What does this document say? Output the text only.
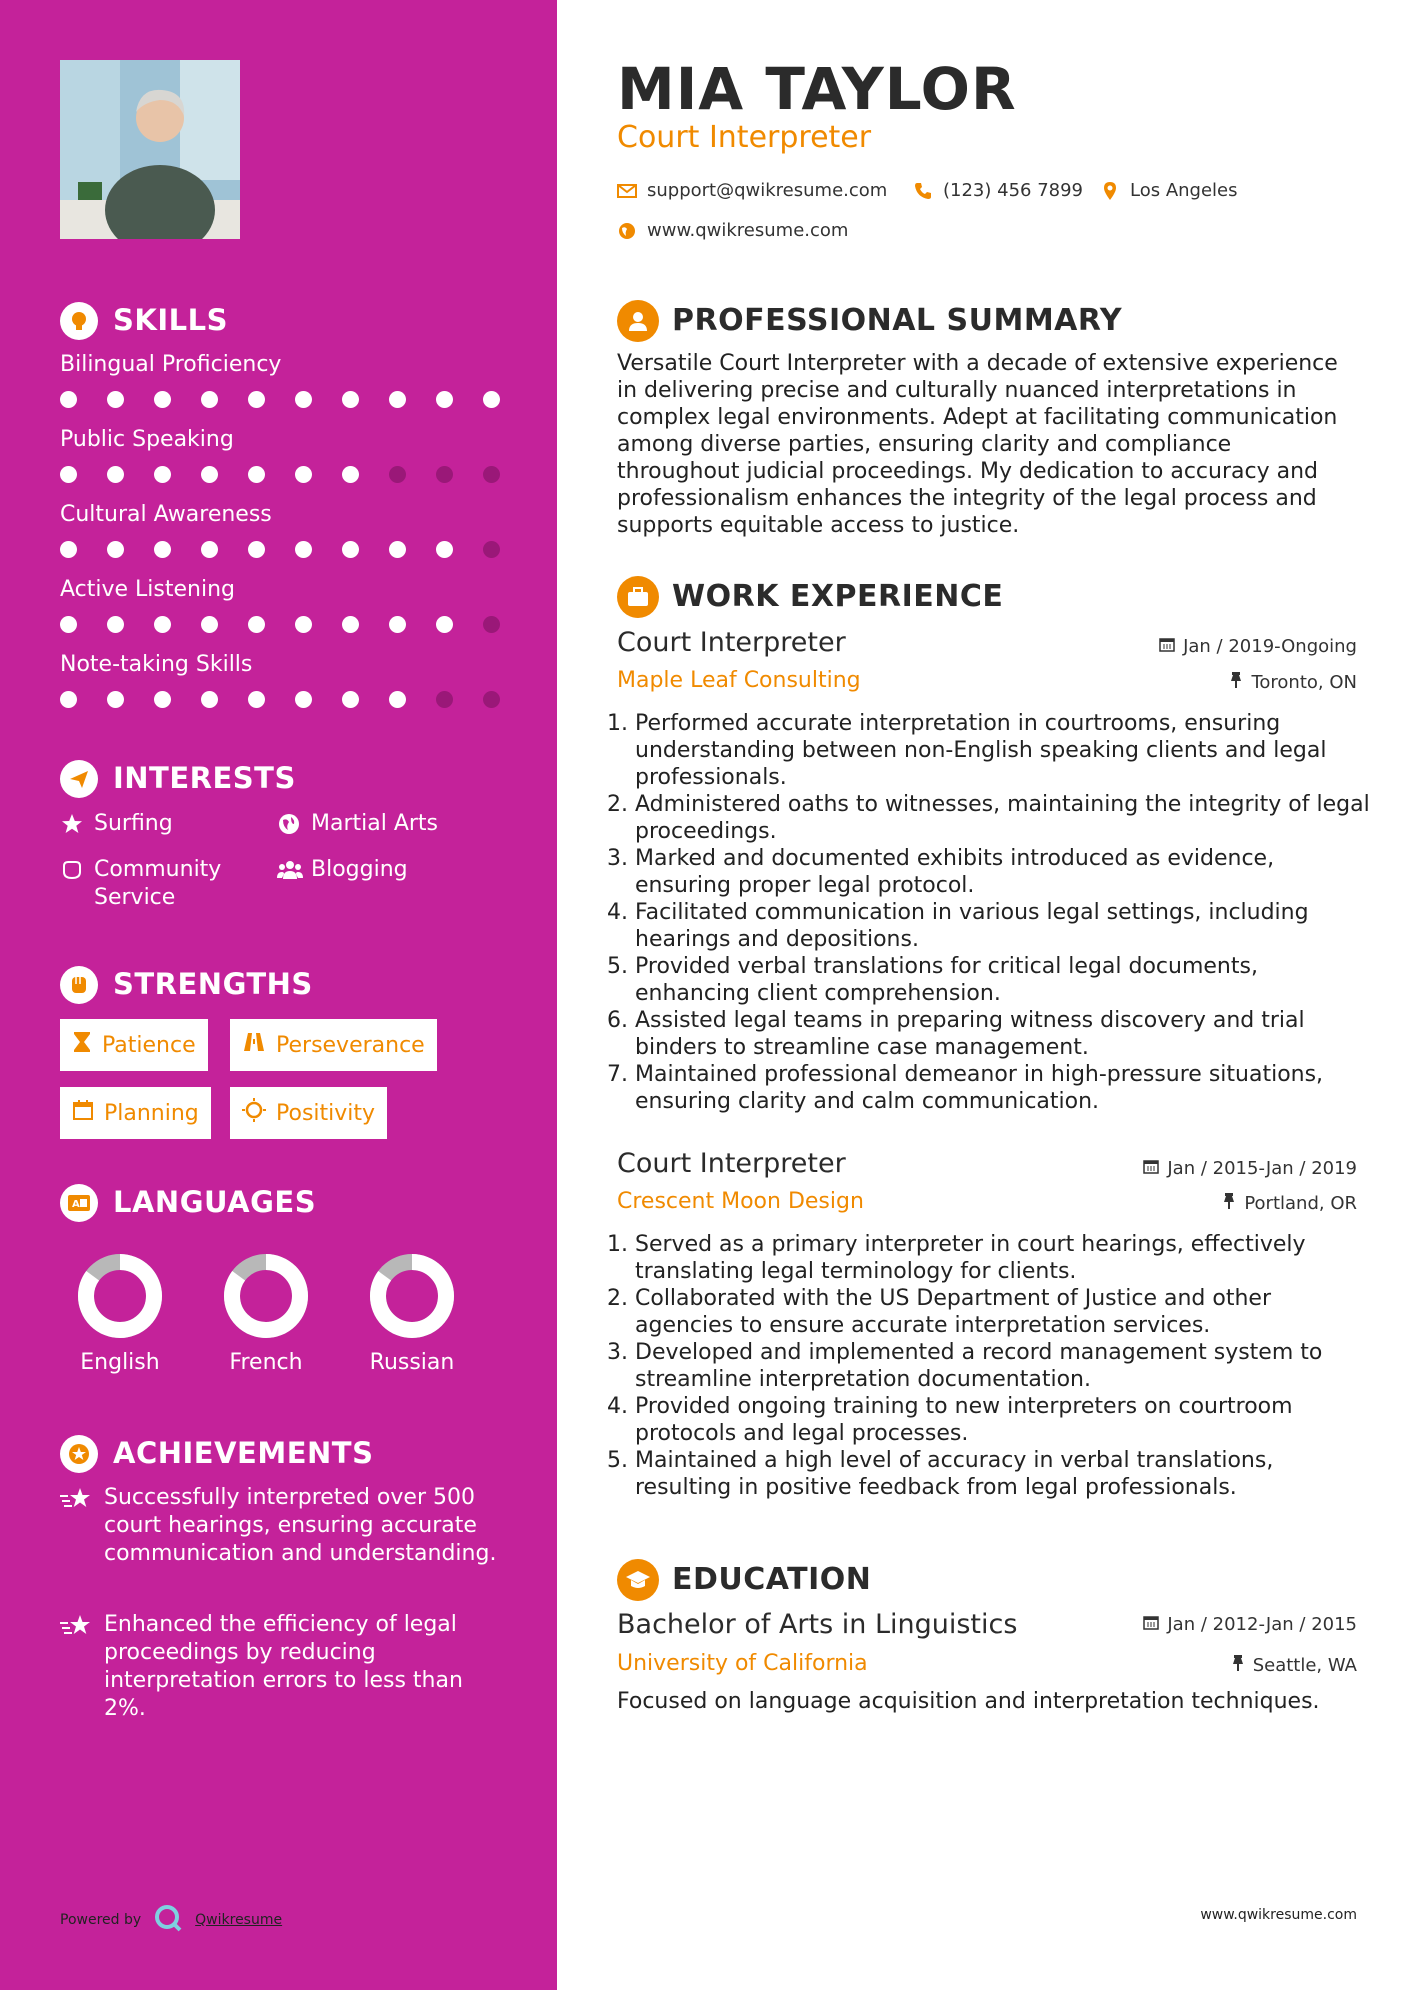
SKILLS
Bilingual Proficiency
Public Speaking
Cultural Awareness
Active Listening
Note-taking Skills
INTERESTS
Surfing	Martial Arts
Community Service
Blogging
STRENGTHS
Patience	Perseverance
Planning	Positivity
A LANGUAGES
English	French	Russian
ACHIEVEMENTS
Successfully interpreted over 500 court hearings, ensuring accurate communication and understanding.
Enhanced the efficiency of legal proceedings by reducing interpretation errors to less than 2%.
Powered by	Qwikresume
MIA TAYLOR
Court Interpreter
support@qwikresume.com	(123) 456 7899	Los Angeles
www.qwikresume.com
PROFESSIONAL SUMMARY
Versatile Court Interpreter with a decade of extensive experience in delivering precise and culturally nuanced interpretations in complex legal environments. Adept at facilitating communication among diverse parties, ensuring clarity and compliance throughout judicial proceedings. My dedication to accuracy and professionalism enhances the integrity of the legal process and supports equitable access to justice.
WORK EXPERIENCE
Court Interpreter	Jan / 2019-Ongoing
Maple Leaf Consulting	Toronto, ON
1. Performed accurate interpretation in courtrooms, ensuring understanding between non-English speaking clients and legal professionals.
2. Administered oaths to witnesses, maintaining the integrity of legal proceedings.
3. Marked and documented exhibits introduced as evidence, ensuring proper legal protocol.
4. Facilitated communication in various legal settings, including hearings and depositions.
5. Provided verbal translations for critical legal documents, enhancing client comprehension.
6. Assisted legal teams in preparing witness discovery and trial binders to streamline case management.
7. Maintained professional demeanor in high-pressure situations, ensuring clarity and calm communication.
Court Interpreter	Jan / 2015-Jan / 2019
Crescent Moon Design	Portland, OR
1. Served as a primary interpreter in court hearings, effectively translating legal terminology for clients.
2. Collaborated with the US Department of Justice and other agencies to ensure accurate interpretation services.
3. Developed and implemented a record management system to streamline interpretation documentation.
4. Provided ongoing training to new interpreters on courtroom protocols and legal processes.
5. Maintained a high level of accuracy in verbal translations, resulting in positive feedback from legal professionals.
EDUCATION
Bachelor of Arts in Linguistics	Jan / 2012-Jan / 2015
University of California	Seattle, WA
Focused on language acquisition and interpretation techniques.
www.qwikresume.com
